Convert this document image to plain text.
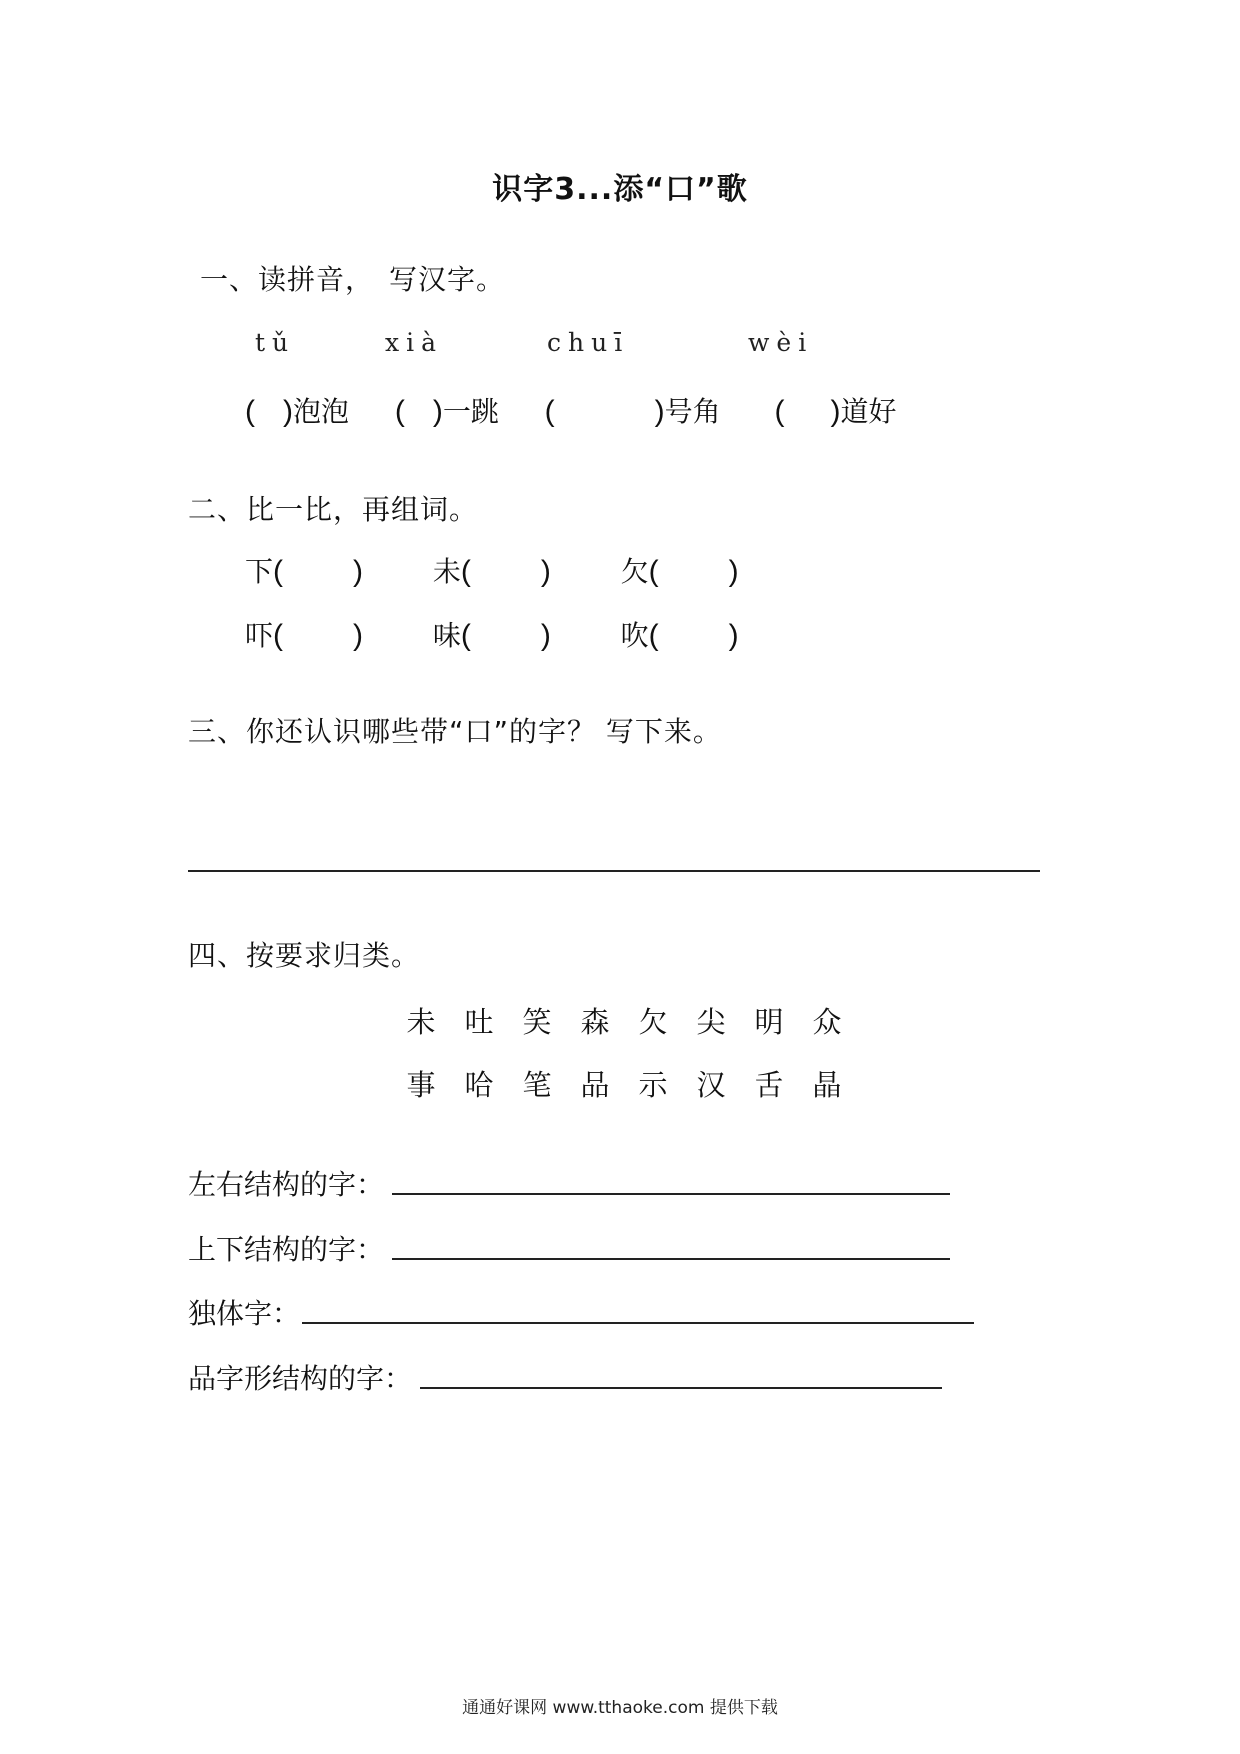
识字3...添“口”歌
一、读拼音，　写汉字。
tǔ	xià	chuī	wèi
( )泡泡 ( )一跳 (	)号角 ( )道好
二、比一比，再组词。
下( ) 未( ) 欠( )
吓( ) 味( ) 吹( )
三、你还认识哪些带“口”的字？ 写下来。
四、按要求归类。
未 吐 笑 森 欠 尖 明 众
事 哈 笔 品 示 汉 舌 晶
左右结构的字：
上下结构的字：
独体字：
品字形结构的字：
通通好课网 www.tthaoke.com 提供下载
